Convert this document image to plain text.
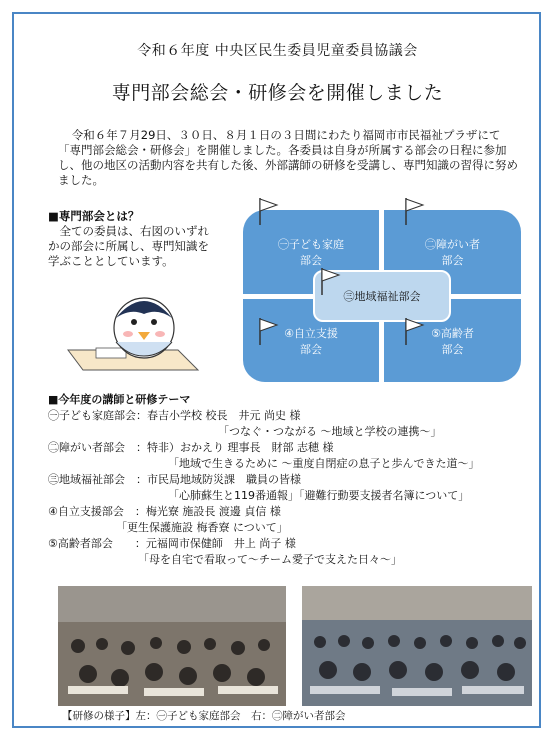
令和６年度 中央区民生委員児童委員協議会
専門部会総会・研修会を開催しました
令和６年７月29日、３０日、８月１日の３日間にわたり福岡市市民福祉プラザにて「専門部会総会・研修会」を開催しました。各委員は自身が所属する部会の日程に参加し、他の地区の活動内容を共有した後、外部講師の研修を受講し、専門知識の習得に努めました。
■専門部会とは？
全ての委員は、右図のいずれかの部会に所属し、専門知識を学ぶこととしています。
㊀子ども家庭
部会
㊁障がい者
部会
④自立支援
部会
⑤高齢者
部会
㊂地域福祉部会
■今年度の講師と研修テーマ
㊀子ども家庭部会：春吉小学校 校長　井元 尚史 様
「つなぐ・つながる ～地域と学校の連携～」
㊁障がい者部会　：特非）おかえり 理事長　財部 志穂 様
「地域で生きるために ～重度自閉症の息子と歩んできた道～」
㊂地域福祉部会　：市民局地域防災課　職員の皆様
「心肺蘇生と119番通報」「避難行動要支援者名簿について」
④自立支援部会　：梅光寮 施設長 渡邊 貞信 様
「更生保護施設 梅香寮 について」
⑤高齢者部会　　：元福岡市保健師　井上 尚子 様
「母を自宅で看取って～チーム愛子で支えた日々～」
【研修の様子】左：㊀子ども家庭部会　右：㊁障がい者部会
